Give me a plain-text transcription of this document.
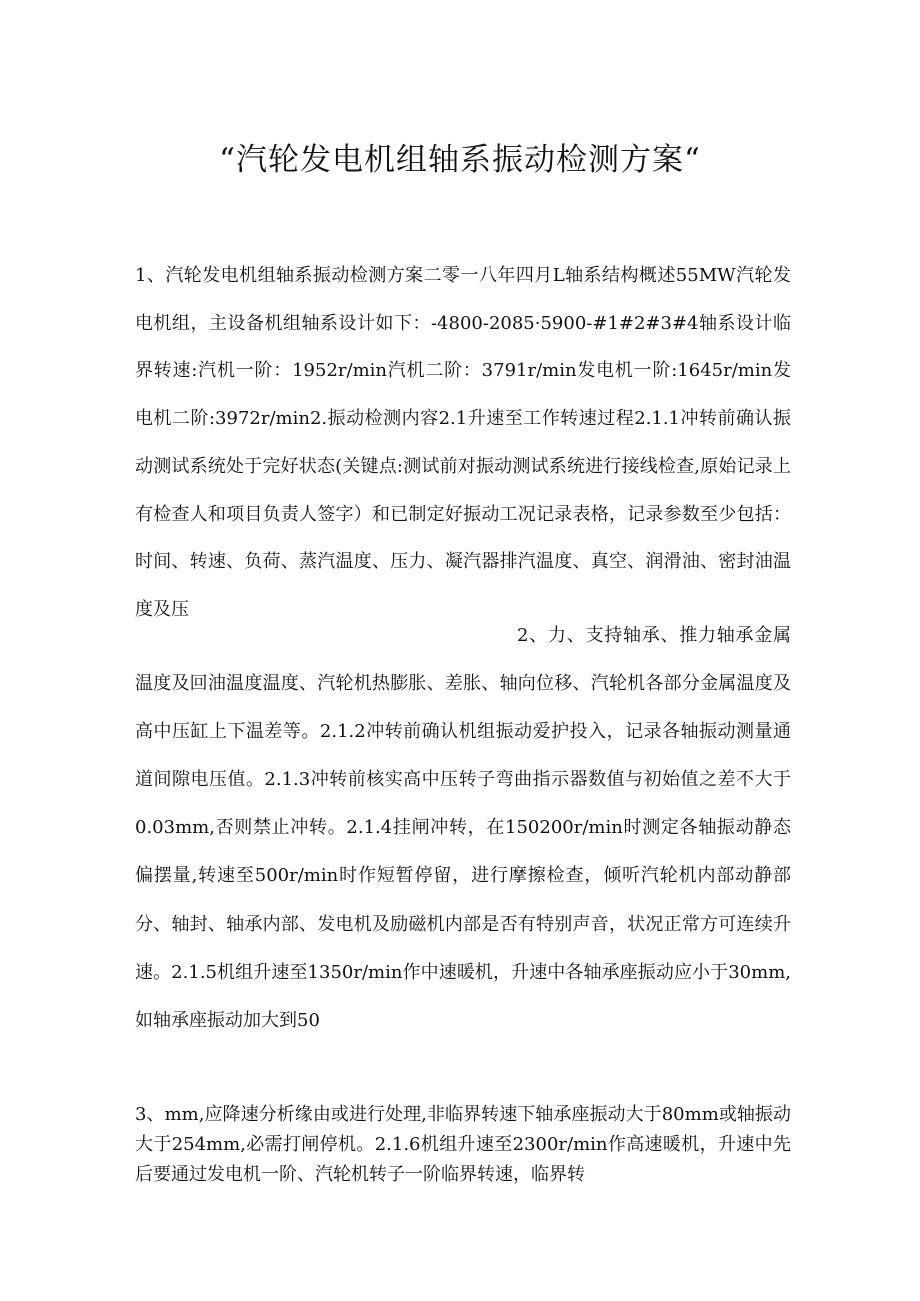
“汽轮发电机组轴系振动检测方案“

1、汽轮发电机组轴系振动检测方案二零一八年四月L轴系结构概述55MW汽轮发电机组，主设备机组轴系设计如下：-4800-2085·5900-#1#2#3#4轴系设计临界转速:汽机一阶：1952r/min汽机二阶：3791r/min发电机一阶:1645r/min发电机二阶:3972r/min2.振动检测内容2.1升速至工作转速过程2.1.1冲转前确认振动测试系统处于完好状态(关键点:测试前对振动测试系统进行接线检查,原始记录上有检查人和项目负责人签字）和已制定好振动工况记录表格，记录参数至少包括：时间、转速、负荷、蒸汽温度、压力、凝汽器排汽温度、真空、润滑油、密封油温度及压

2、力、支持轴承、推力轴承金属温度及回油温度温度、汽轮机热膨胀、差胀、轴向位移、汽轮机各部分金属温度及高中压缸上下温差等。2.1.2冲转前确认机组振动爱护投入，记录各轴振动测量通道间隙电压值。2.1.3冲转前核实高中压转子弯曲指示器数值与初始值之差不大于0.03mm,否则禁止冲转。2.1.4挂闸冲转，在150200r/min时测定各轴振动静态偏摆量,转速至500r/min时作短暂停留，进行摩擦检查，倾听汽轮机内部动静部分、轴封、轴承内部、发电机及励磁机内部是否有特别声音，状况正常方可连续升速。2.1.5机组升速至1350r/min作中速暖机，升速中各轴承座振动应小于30mm,如轴承座振动加大到50

3、mm,应降速分析缘由或进行处理,非临界转速下轴承座振动大于80mm或轴振动大于254mm,必需打闸停机。2.1.6机组升速至2300r/min作高速暖机，升速中先后要通过发电机一阶、汽轮机转子一阶临界转速，临界转
